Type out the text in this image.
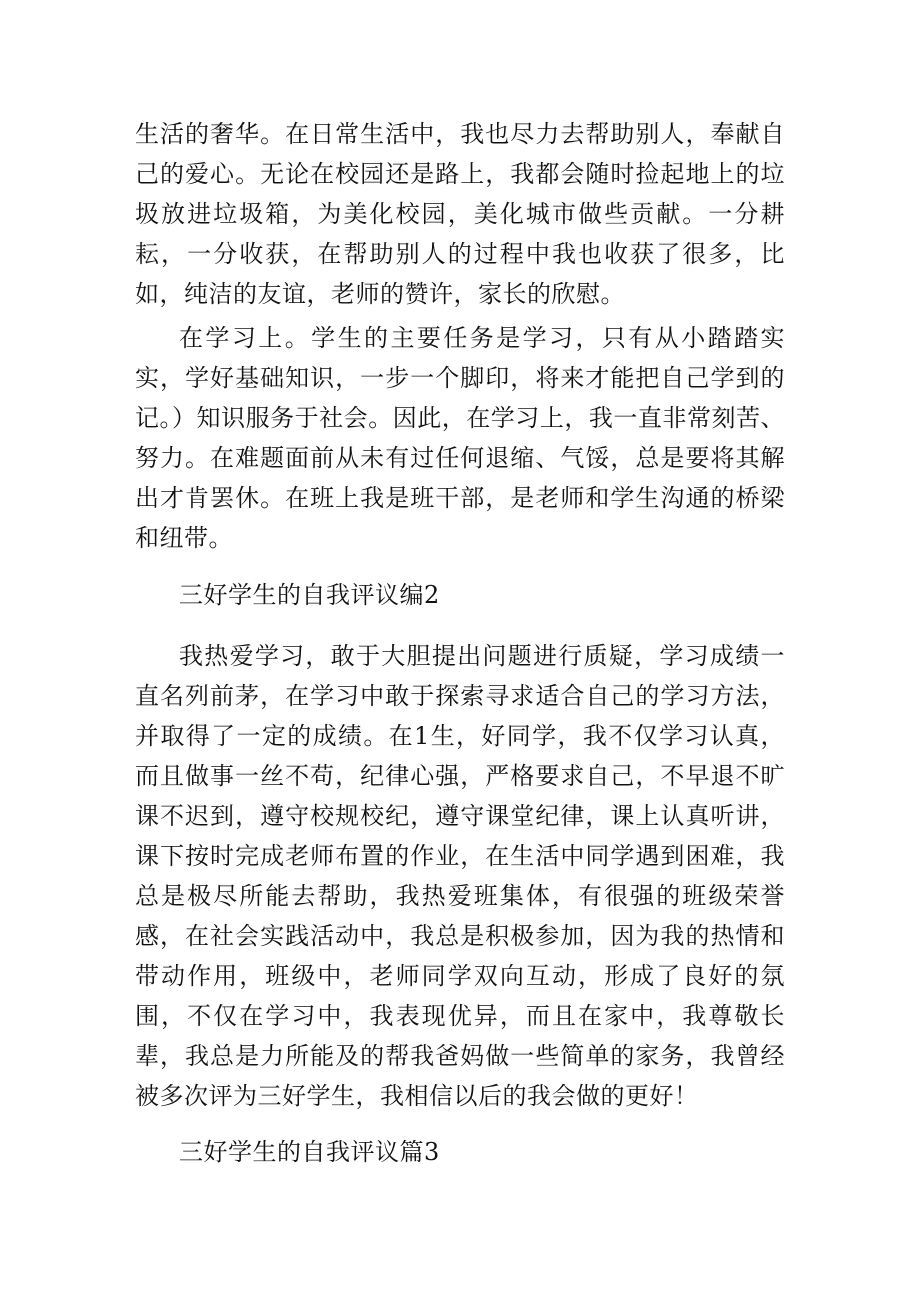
生活的奢华。在日常生活中，我也尽力去帮助别人，奉献自己的爱心。无论在校园还是路上，我都会随时捡起地上的垃圾放进垃圾箱，为美化校园，美化城市做些贡献。一分耕耘，一分收获，在帮助别人的过程中我也收获了很多，比如，纯洁的友谊，老师的赞许，家长的欣慰。

在学习上。学生的主要任务是学习，只有从小踏踏实实，学好基础知识，一步一个脚印，将来才能把自己学到的记。）知识服务于社会。因此，在学习上，我一直非常刻苦、努力。在难题面前从未有过任何退缩、气馁，总是要将其解出才肯罢休。在班上我是班干部，是老师和学生沟通的桥梁和纽带。

三好学生的自我评议编2

我热爱学习，敢于大胆提出问题进行质疑，学习成绩一直名列前茅，在学习中敢于探索寻求适合自己的学习方法，并取得了一定的成绩。在1生，好同学，我不仅学习认真，而且做事一丝不苟，纪律心强，严格要求自己，不早退不旷课不迟到，遵守校规校纪，遵守课堂纪律，课上认真听讲，课下按时完成老师布置的作业，在生活中同学遇到困难，我总是极尽所能去帮助，我热爱班集体，有很强的班级荣誉感，在社会实践活动中，我总是积极参加，因为我的热情和带动作用，班级中，老师同学双向互动，形成了良好的氛围，不仅在学习中，我表现优异，而且在家中，我尊敬长辈，我总是力所能及的帮我爸妈做一些简单的家务，我曾经被多次评为三好学生，我相信以后的我会做的更好！

三好学生的自我评议篇3
